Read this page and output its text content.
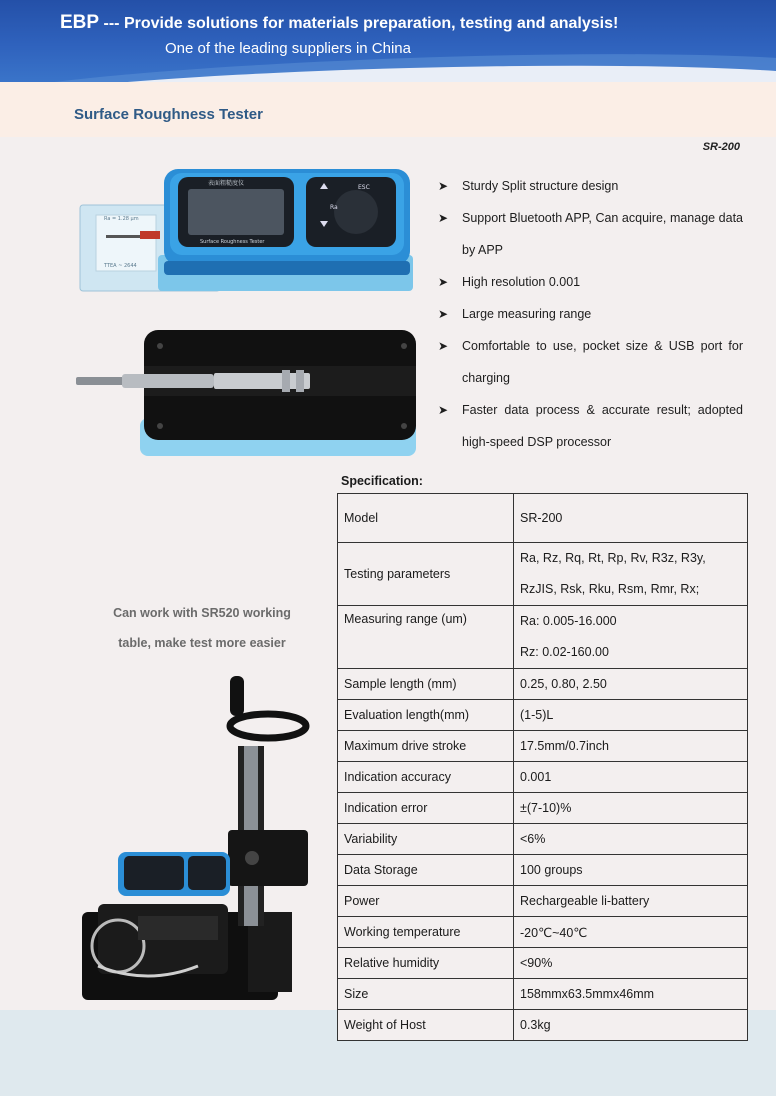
EBP --- Provide solutions for materials preparation, testing and analysis!
One of the leading suppliers in China
Surface Roughness Tester
SR-200
Ra = 1.28 µm
TTEA ~ 2644
表面粗糙度仪
Surface Roughness Tester
ESC
Ra
➤ Sturdy Split structure design
➤ Support Bluetooth APP, Can acquire, manage data by APP
➤ High resolution 0.001
➤ Large measuring range
➤ Comfortable to use, pocket size & USB port for charging
➤ Faster data process & accurate result; adopted high-speed DSP processor
Can work with SR520 working
table, make test more easier
Specification:
Model	SR-200
Testing parameters	Ra, Rz, Rq, Rt, Rp, Rv, R3z, R3y,
RzJIS, Rsk, Rku, Rsm, Rmr, Rx;

Measuring range (um)	Ra: 0.005-16.000
Rz: 0.02-160.00

Sample length (mm)	0.25, 0.80, 2.50
Evaluation length(mm)	(1-5)L
Maximum drive stroke	17.5mm/0.7inch
Indication accuracy	0.001
Indication error	±(7-10)%
Variability	<6%
Data Storage	100 groups
Power	Rechargeable li-battery
Working temperature	-20℃~40℃
Relative humidity	<90%
Size	158mmx63.5mmx46mm
Weight of Host	0.3kg
